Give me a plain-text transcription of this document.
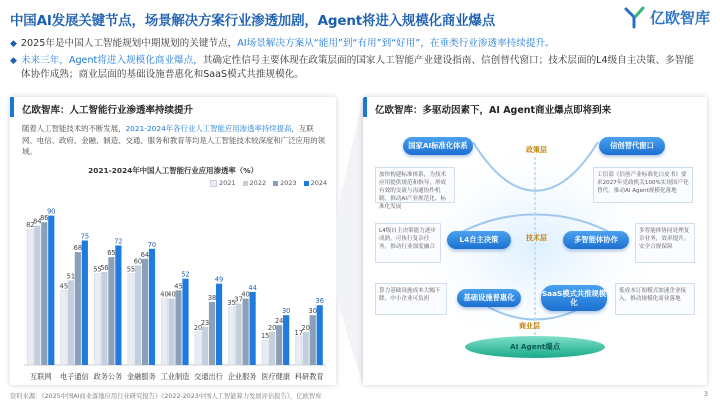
中国AI发展关键节点，场景解决方案行业渗透加剧，Agent将进入规模化商业爆点	亿欧智库
◆ 2025年是中国人工智能规划中期规划的关键节点，AI场景解决方案从“能用”到“有用”到“好用”，在垂类行业渗透率持续提升。
◆ 未来三年，Agent将进入规模化商业爆点，其确定性信号主要体现在政策层面的国家人工智能产业建设指南、信创替代窗口；技术层面的L4级自主决策、多智能体协作成熟；商业层面的基础设施普惠化和SaaS模式共推规模化。
亿欧智库：人工智能行业渗透率持续提升
随着人工智能技术的不断发展，2021-2024年各行业人工智能应用渗透率持续提高，互联网、电信、政府、金融、制造、交通、服务和教育等均是人工智能技术较深度和广泛应用的领域。
2021-2024年中国人工智能行业应用渗透率（%）
2021 2022 2023 2024
82
84
86
90
互联网
45
51
68
75
电子通信
55
56
65
72
政务公务
55
60
64
70
金融服务
40
40
45
52
工业制造
20
23
38
49
交通出行
35
37
40
44
企业服务
15
20
24
30
医疗健康
17
20
30
36
科研教育
亿欧智库：多驱动因素下，AI Agent商业爆点即将到来
国家AI标准化体系	信创替代窗口
L4自主决策	多智能体协作
基础设施普惠化	SaaS模式共推规模化
AI Agent爆点
政策层
技术层
商业层
加快构建标准体系，为技术应用提供规范和指导，形成有效的交流与沟通协作机制，推动AI产业规范化、标准化发展
工信部《信创产业标准化白皮书》要求2027年党政机关100%实现国产化替代，推动AI Agent规模化落地
L4级自主决策能力逐步成熟，可执行复杂任务，推动行业深度融合
多智能体协同处理复杂业务，效率提升，安全合规保障
算力基础设施成本大幅下降，中小企业可负担
低成本订阅模式加速企业接入，推动规模化商业落地
资料来源：《2025中国AI商业落地应用行业研究报告》《2022-2023中国人工智能算力发展评估报告》，亿欧智库	3
